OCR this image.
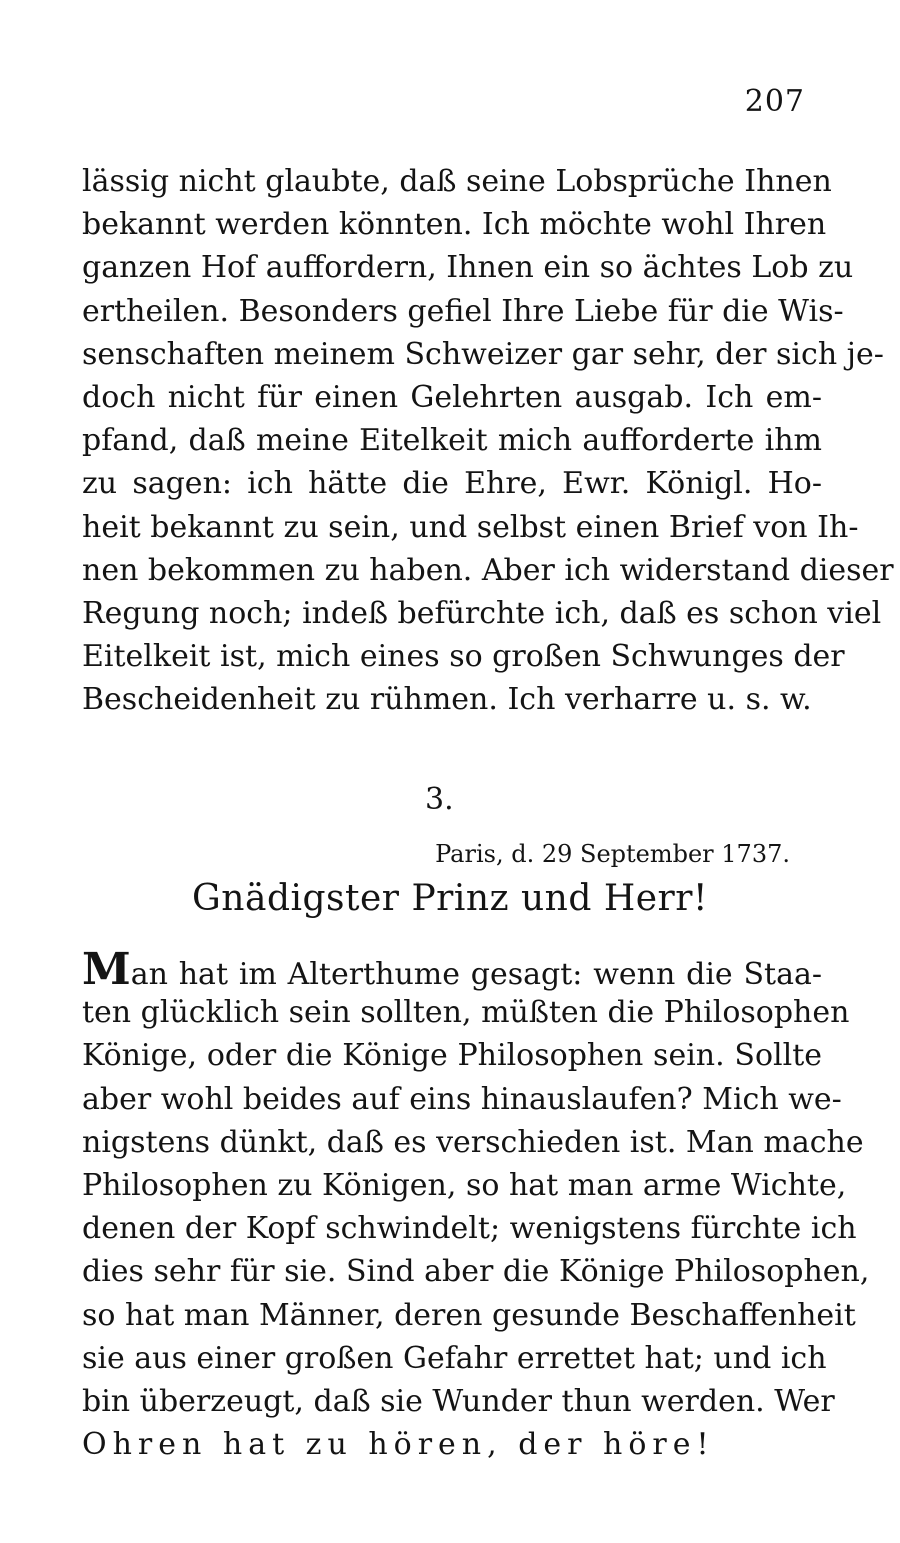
207
lässig nicht glaubte, daß seine Lobsprüche Ihnen
bekannt werden könnten. Ich möchte wohl Ihren
ganzen Hof auffordern, Ihnen ein so ächtes Lob zu
ertheilen. Besonders gefiel Ihre Liebe für die Wis-
senschaften meinem Schweizer gar sehr, der sich je-
doch nicht für einen Gelehrten ausgab. Ich em-
pfand, daß meine Eitelkeit mich aufforderte ihm
zu sagen: ich hätte die Ehre, Ewr. Königl. Ho-
heit bekannt zu sein, und selbst einen Brief von Ih-
nen bekommen zu haben. Aber ich widerstand dieser
Regung noch; indeß befürchte ich, daß es schon viel
Eitelkeit ist, mich eines so großen Schwunges der
Bescheidenheit zu rühmen. Ich verharre u. s. w.
3.
Paris, d. 29 September 1737.
Gnädigster Prinz und Herr!
Man hat im Alterthume gesagt: wenn die Staa-
ten glücklich sein sollten, müßten die Philosophen
Könige, oder die Könige Philosophen sein. Sollte
aber wohl beides auf eins hinauslaufen? Mich we-
nigstens dünkt, daß es verschieden ist. Man mache
Philosophen zu Königen, so hat man arme Wichte,
denen der Kopf schwindelt; wenigstens fürchte ich
dies sehr für sie. Sind aber die Könige Philosophen,
so hat man Männer, deren gesunde Beschaffenheit
sie aus einer großen Gefahr errettet hat; und ich
bin überzeugt, daß sie Wunder thun werden. Wer
Ohren hat zu hören, der höre!
